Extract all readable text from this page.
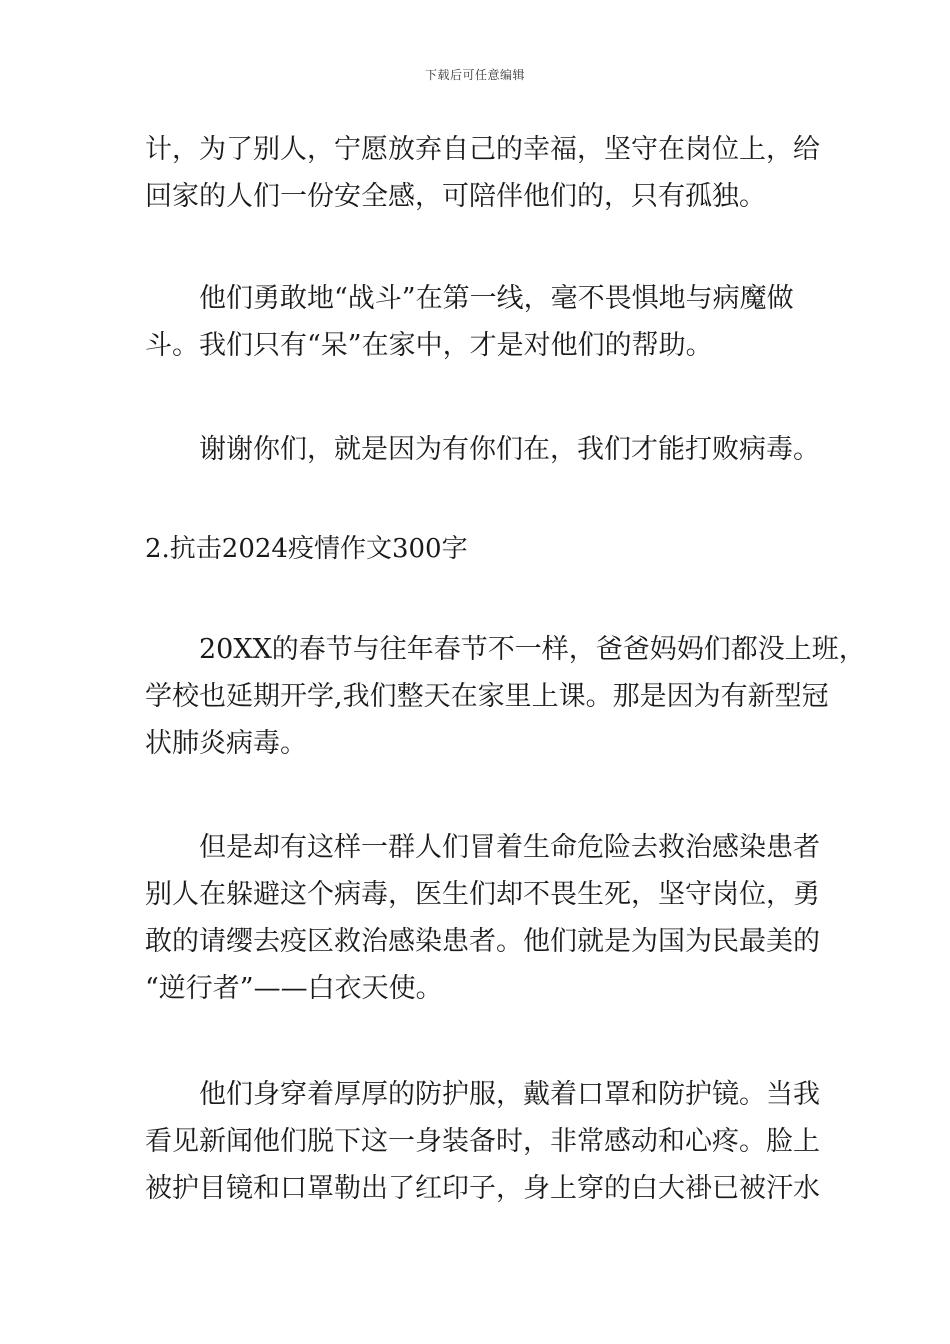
下载后可任意编辑

计，为了别人，宁愿放弃自己的幸福，坚守在岗位上，给
回家的人们一份安全感，可陪伴他们的，只有孤独。

　　他们勇敢地“战斗”在第一线，毫不畏惧地与病魔做
斗。我们只有“呆”在家中，才是对他们的帮助。

　　谢谢你们，就是因为有你们在，我们才能打败病毒。

2.抗击2024疫情作文300字

　　20XX的春节与往年春节不一样，爸爸妈妈们都没上班，
学校也延期开学,我们整天在家里上课。那是因为有新型冠
状肺炎病毒。

　　但是却有这样一群人们冒着生命危险去救治感染患者
别人在躲避这个病毒，医生们却不畏生死，坚守岗位，勇
敢的请缨去疫区救治感染患者。他们就是为国为民最美的
“逆行者”——白衣天使。

　　他们身穿着厚厚的防护服，戴着口罩和防护镜。当我
看见新闻他们脱下这一身装备时，非常感动和心疼。脸上
被护目镜和口罩勒出了红印子，身上穿的白大褂已被汗水
